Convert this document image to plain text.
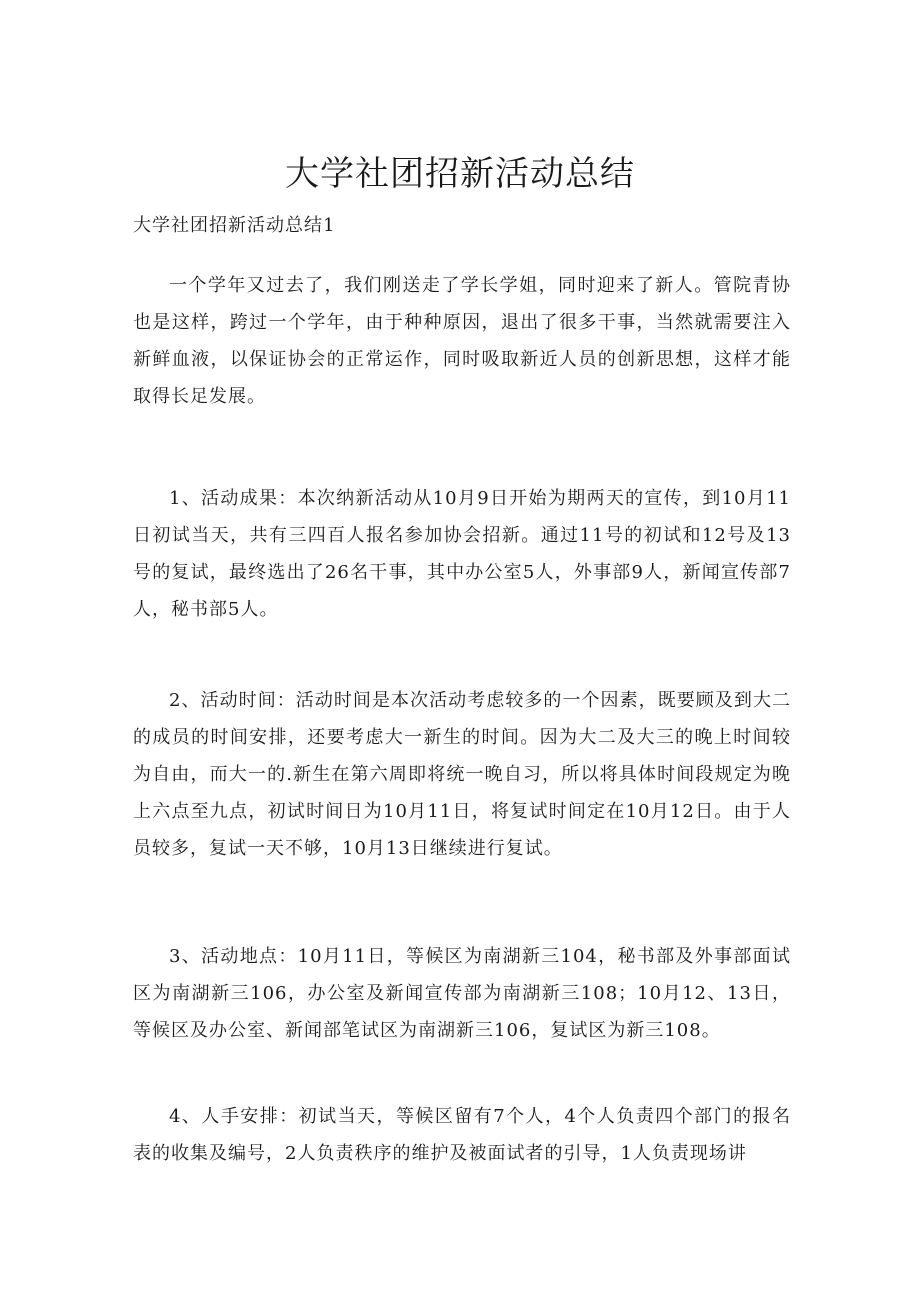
大学社团招新活动总结

大学社团招新活动总结1

一个学年又过去了，我们刚送走了学长学姐，同时迎来了新人。管院青协也是这样，跨过一个学年，由于种种原因，退出了很多干事，当然就需要注入新鲜血液，以保证协会的正常运作，同时吸取新近人员的创新思想，这样才能取得长足发展。

1、活动成果：本次纳新活动从10月9日开始为期两天的宣传，到10月11日初试当天，共有三四百人报名参加协会招新。通过11号的初试和12号及13号的复试，最终选出了26名干事，其中办公室5人，外事部9人，新闻宣传部7人，秘书部5人。

2、活动时间：活动时间是本次活动考虑较多的一个因素，既要顾及到大二的成员的时间安排，还要考虑大一新生的时间。因为大二及大三的晚上时间较为自由，而大一的.新生在第六周即将统一晚自习，所以将具体时间段规定为晚上六点至九点，初试时间日为10月11日，将复试时间定在10月12日。由于人员较多，复试一天不够，10月13日继续进行复试。

3、活动地点：10月11日，等候区为南湖新三104，秘书部及外事部面试区为南湖新三106，办公室及新闻宣传部为南湖新三108；10月12、13日，等候区及办公室、新闻部笔试区为南湖新三106，复试区为新三108。

4、人手安排：初试当天，等候区留有7个人，4个人负责四个部门的报名表的收集及编号，2人负责秩序的维护及被面试者的引导，1人负责现场讲
